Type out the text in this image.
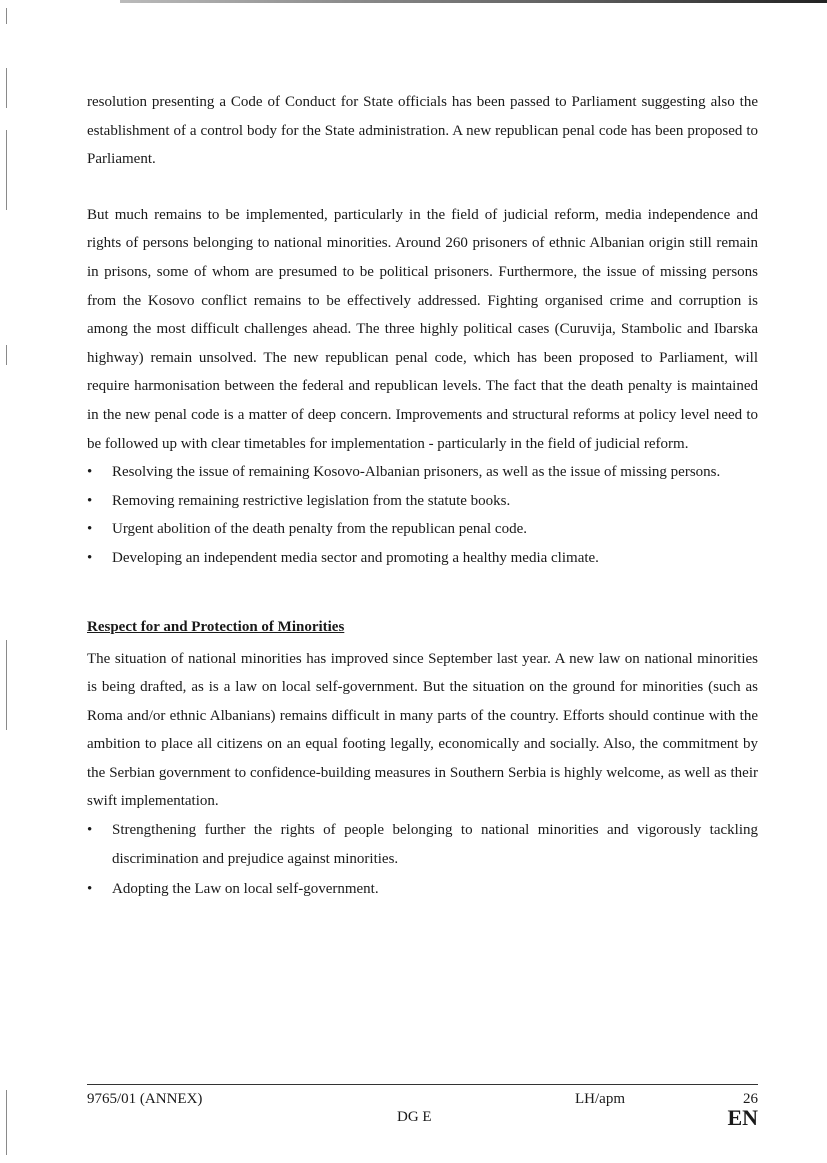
resolution presenting a Code of Conduct for State officials has been passed to Parliament suggesting also the establishment of a control body for the State administration. A new republican penal code has been proposed to Parliament.

But much remains to be implemented, particularly in the field of judicial reform, media independence and rights of persons belonging to national minorities. Around 260 prisoners of ethnic Albanian origin still remain in prisons, some of whom are presumed to be political prisoners. Furthermore, the issue of missing persons from the Kosovo conflict remains to be effectively addressed. Fighting organised crime and corruption is among the most difficult challenges ahead. The three highly political cases (Curuvija, Stambolic and Ibarska highway) remain unsolved. The new republican penal code, which has been proposed to Parliament, will require harmonisation between the federal and republican levels. The fact that the death penalty is maintained in the new penal code is a matter of deep concern. Improvements and structural reforms at policy level need to be followed up with clear timetables for implementation - particularly in the field of judicial reform.

•	Resolving the issue of remaining Kosovo-Albanian prisoners, as well as the issue of missing persons.
•	Removing remaining restrictive legislation from the statute books.
•	Urgent abolition of the death penalty from the republican penal code.
•	Developing an independent media sector and promoting a healthy media climate.
Respect for and Protection of Minorities

The situation of national minorities has improved since September last year. A new law on national minorities is being drafted, as is a law on local self-government. But the situation on the ground for minorities (such as Roma and/or ethnic Albanians) remains difficult in many parts of the country. Efforts should continue with the ambition to place all citizens on an equal footing legally, economically and socially. Also, the commitment by the Serbian government to confidence-building measures in Southern Serbia is highly welcome, as well as their swift implementation.

•	Strengthening further the rights of people belonging to national minorities and vigorously tackling discrimination and prejudice against minorities.
•	Adopting the Law on local self-government.
9765/01 (ANNEX)	LH/apm	26
DG E	EN
